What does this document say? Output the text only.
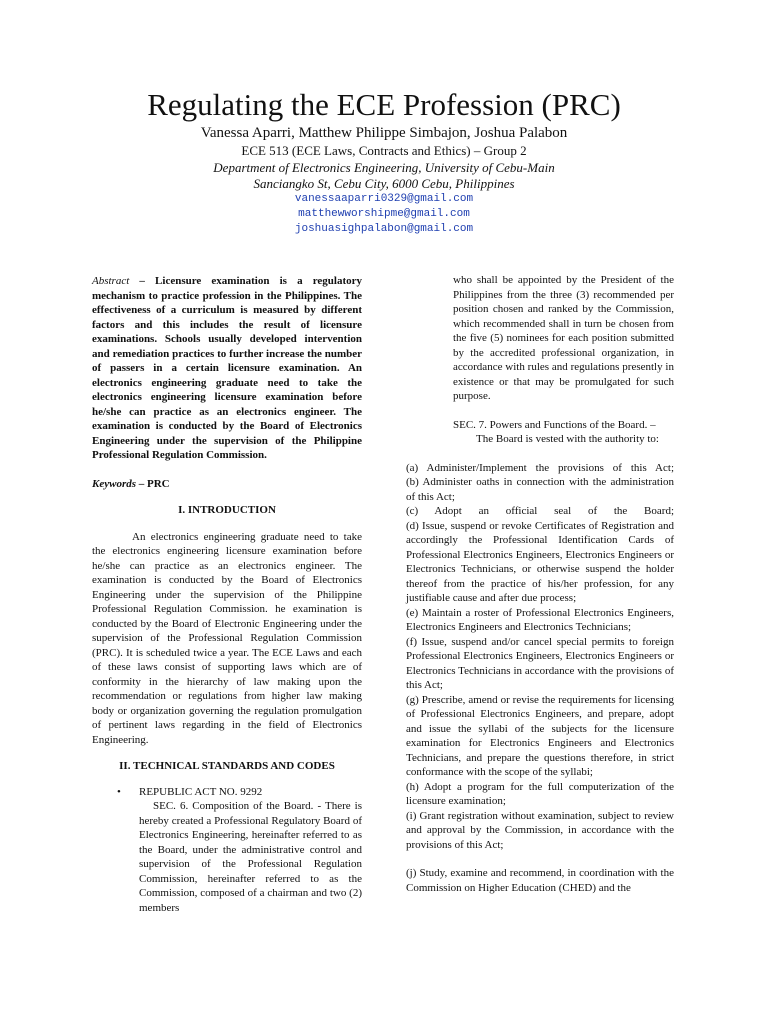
Regulating the ECE Profession (PRC)
Vanessa Aparri, Matthew Philippe Simbajon, Joshua Palabon
ECE 513 (ECE Laws, Contracts and Ethics) – Group 2
Department of Electronics Engineering, University of Cebu-Main
Sanciangko St, Cebu City, 6000 Cebu, Philippines
vanessaaparri0329@gmail.com
matthewworshipme@gmail.com
joshuasighpalabon@gmail.com

Abstract – Licensure examination is a regulatory mechanism to practice profession in the Philippines. The effectiveness of a curriculum is measured by different factors and this includes the result of licensure examinations. Schools usually developed intervention and remediation practices to further increase the number of passers in a certain licensure examination. An electronics engineering graduate need to take the electronics engineering licensure examination before he/she can practice as an electronics engineer. The examination is conducted by the Board of Electronics Engineering under the supervision of the Philippine Professional Regulation Commission.

Keywords – PRC

I. INTRODUCTION

An electronics engineering graduate need to take the electronics engineering licensure examination before he/she can practice as an electronics engineer. The examination is conducted by the Board of Electronics Engineering under the supervision of the Philippine Professional Regulation Commission. he examination is conducted by the Board of Electronic Engineering under the supervision of the Professional Regulation Commission (PRC). It is scheduled twice a year. The ECE Laws and each of these laws consist of supporting laws which are of conformity in the hierarchy of law making upon the recommendation or regulations from higher law making body or organization governing the regulation promulgation of pertinent laws regarding in the field of Electronics Engineering.

II. TECHNICAL STANDARDS AND CODES

• REPUBLIC ACT NO. 9292

SEC. 6. Composition of the Board. - There is hereby created a Professional Regulatory Board of Electronics Engineering, hereinafter referred to as the Board, under the administrative control and supervision of the Professional Regulation Commission, hereinafter referred to as the Commission, composed of a chairman and two (2) members

who shall be appointed by the President of the Philippines from the three (3) recommended per position chosen and ranked by the Commission, which recommended shall in turn be chosen from the five (5) nominees for each position submitted by the accredited professional organization, in accordance with rules and regulations presently in existence or that may be promulgated for such purpose.

SEC. 7. Powers and Functions of the Board. –

The Board is vested with the authority to:

(a) Administer/Implement the provisions of this Act;

(b) Administer oaths in connection with the administration of this Act;

(c) Adopt an official seal of the Board;

(d) Issue, suspend or revoke Certificates of Registration and accordingly the Professional Identification Cards of Professional Electronics Engineers, Electronics Engineers or Electronics Technicians, or otherwise suspend the holder thereof from the practice of his/her profession, for any justifiable cause and after due process;

(e) Maintain a roster of Professional Electronics Engineers, Electronics Engineers and Electronics Technicians;

(f) Issue, suspend and/or cancel special permits to foreign Professional Electronics Engineers, Electronics Engineers or Electronics Technicians in accordance with the provisions of this Act;

(g) Prescribe, amend or revise the requirements for licensing of Professional Electronics Engineers, and prepare, adopt and issue the syllabi of the subjects for the licensure examination for Electronics Engineers and Electronics Technicians, and prepare the questions therefore, in strict conformance with the scope of the syllabi;

(h) Adopt a program for the full computerization of the licensure examination;

(i) Grant registration without examination, subject to review and approval by the Commission, in accordance with the provisions of this Act;

(j) Study, examine and recommend, in coordination with the Commission on Higher Education (CHED) and the
